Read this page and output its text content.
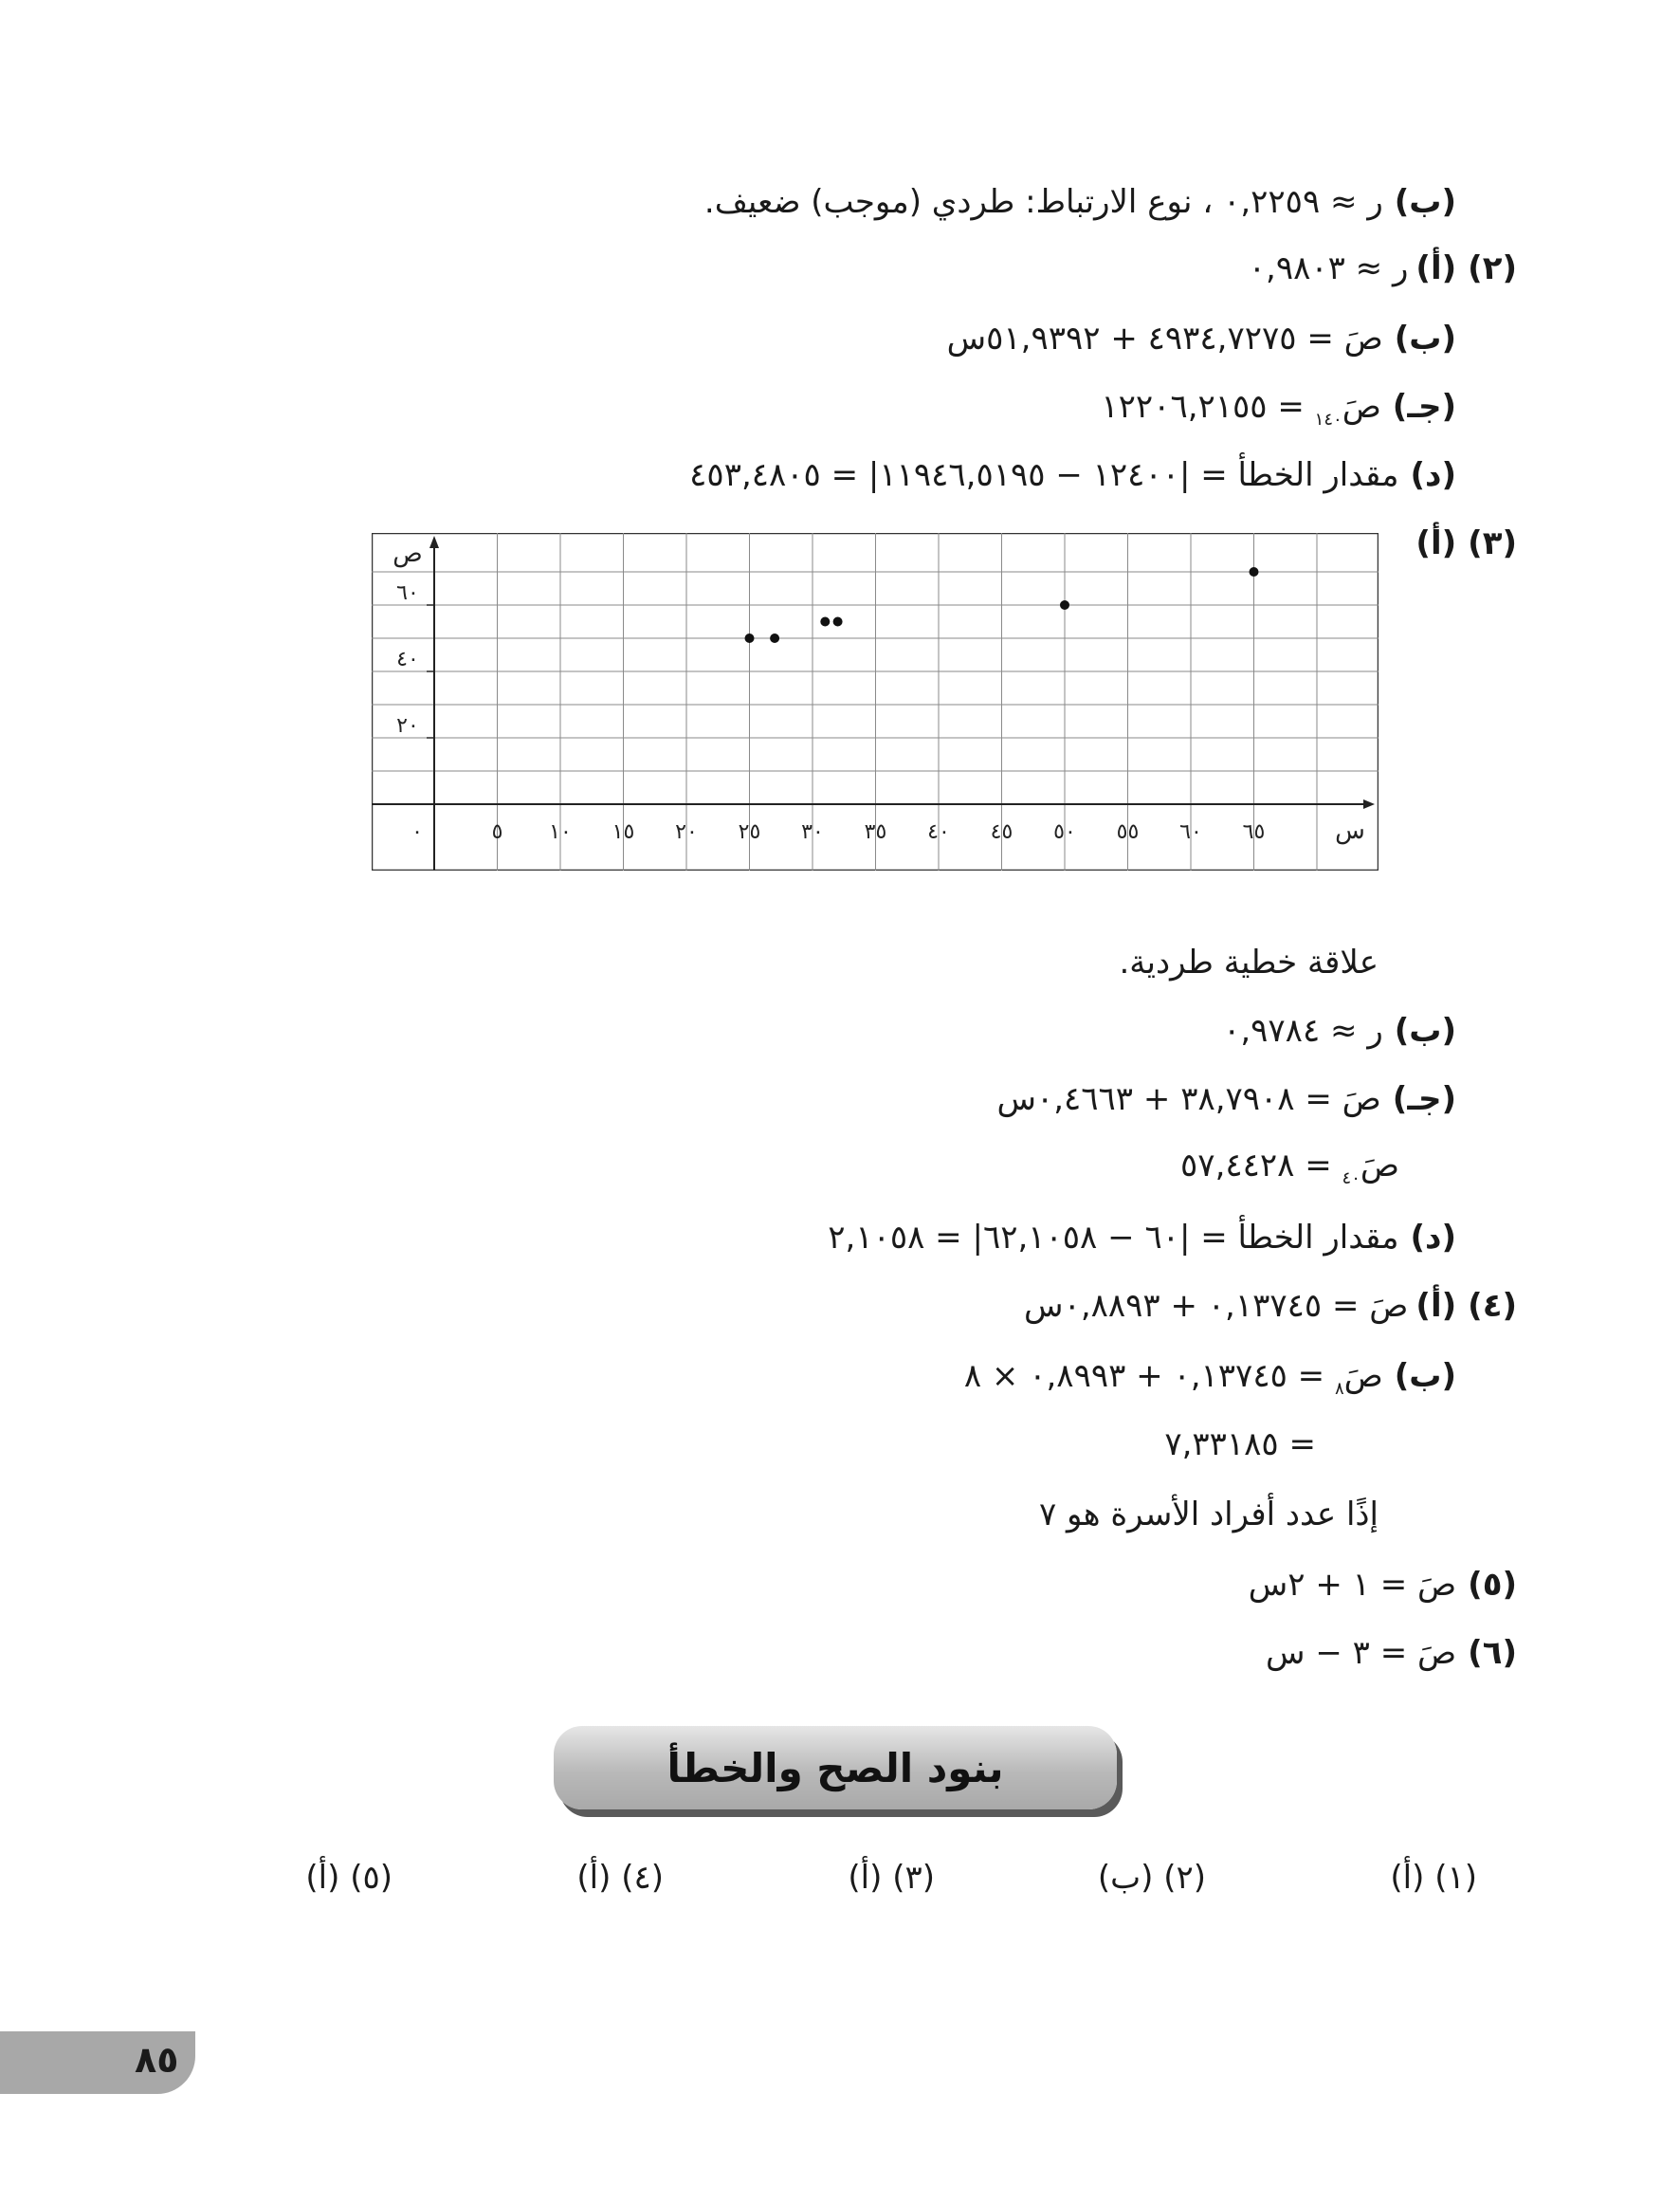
(ب)ر ≈ ٠,٢٢٥٩ ، نوع الارتباط: طردي (موجب) ضعيف.
(٢)(أ)ر ≈ ٠,٩٨٠٣
(ب)صَ = ٤٩٣٤,٧٢٧٥ + ٥١,٩٣٩٢س
$(جـ)صَ_{١٤٠}$ = ١٢٢٠٦,٢١٥٥
(د)مقدار الخطأ = |١٢٤٠٠ − ١١٩٤٦,٥١٩٥| = ٤٥٣,٤٨٠٥
(٣)(أ)
٠	٥ ١٠ ١٥ ٢٠ ٢٥ ٣٠ ٣٥ ٤٠ ٤٥ ٥٠ ٥٥ ٦٠ ٦٥
٢٠
٤٠
٦٠
س
ص
علاقة خطية طردية.
(ب)ر ≈ ٠,٩٧٨٤
(جـ)صَ = ٣٨,٧٩٠٨ + ٠,٤٦٦٣س
$صَ_{٤٠}$ = ٥٧,٤٤٢٨
(د)مقدار الخطأ = |٦٠ − ٦٢,١٠٥٨| = ٢,١٠٥٨
(٤)(أ)صَ = ٠,١٣٧٤٥ + ٠,٨٨٩٣س
$(ب)صَ_٨$ = ٠,١٣٧٤٥ + ٠,٨٩٩٣ × ٨
= ٧,٣٣١٨٥
إذًا عدد أفراد الأسرة هو ٧
(٥)صَ = ١ + ٢س
(٦)صَ = ٣ − س
بنود الصح والخطأ
(١) (أ)
(٢) (ب)
(٣) (أ)
(٤) (أ)
(٥) (أ)
٨٥
